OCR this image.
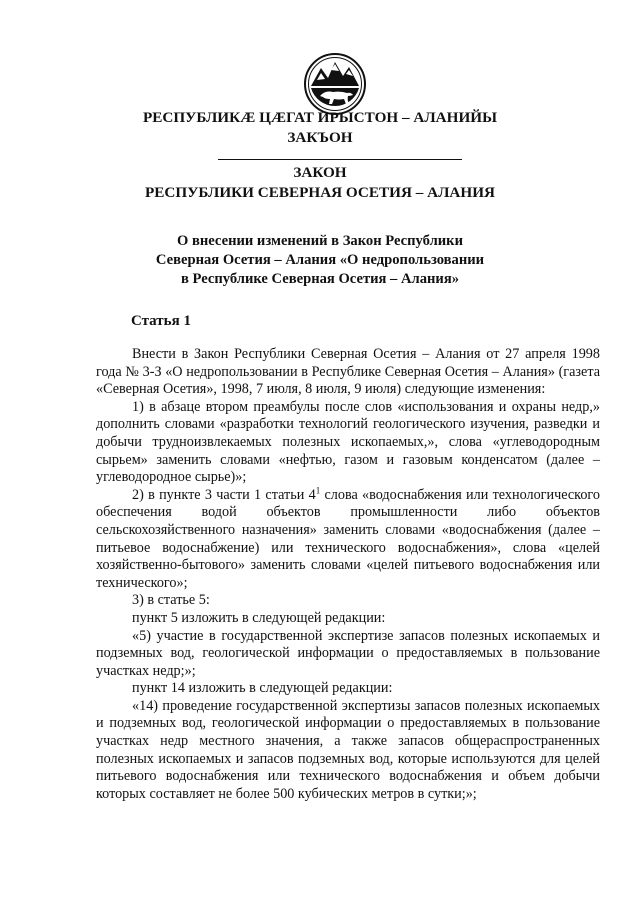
РЕСПУБЛИКӔ ЦӔГАТ ИРЫСТОН – АЛАНИЙЫ
ЗАКЪОН
ЗАКОН
РЕСПУБЛИКИ СЕВЕРНАЯ ОСЕТИЯ – АЛАНИЯ
О внесении изменений в Закон Республики
Северная Осетия – Алания «О недропользовании
в Республике Северная Осетия – Алания»
Статья 1

Внести в Закон Республики Северная Осетия – Алания от 27 апреля 1998 года № 3-З «О недропользовании в Республике Северная Осетия – Алания» (газета «Северная Осетия», 1998, 7 июля, 8 июля, 9 июля) следующие изменения:

1) в абзаце втором преамбулы после слов «использования и охраны недр,» дополнить словами «разработки технологий геологического изучения, разведки и добычи трудноизвлекаемых полезных ископаемых,», слова «углеводородным сырьем» заменить словами «нефтью, газом и газовым конденсатом (далее – углеводородное сырье)»;

2) в пункте 3 части 1 статьи $4^1$ слова «водоснабжения или технологического обеспечения водой объектов промышленности либо объектов сельскохозяйственного назначения» заменить словами «водоснабжения (далее – питьевое водоснабжение) или технического водоснабжения», слова «целей хозяйственно-бытового» заменить словами «целей питьевого водоснабжения или технического»;

3) в статье 5:

пункт 5 изложить в следующей редакции:

«5) участие в государственной экспертизе запасов полезных ископаемых и подземных вод, геологической информации о предоставляемых в пользование участках недр;»;

пункт 14 изложить в следующей редакции:

«14) проведение государственной экспертизы запасов полезных ископаемых и подземных вод, геологической информации о предоставляемых в пользование участках недр местного значения, а также запасов общераспространенных полезных ископаемых и запасов подземных вод, которые используются для целей питьевого водоснабжения или технического водоснабжения и объем добычи которых составляет не более 500 кубических метров в сутки;»;
